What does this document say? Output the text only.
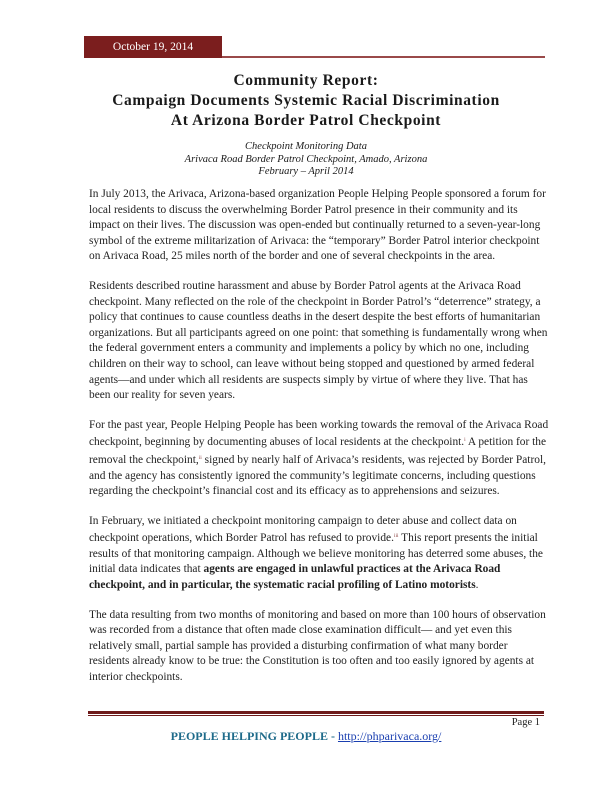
October 19, 2014
Community Report:
Campaign Documents Systemic Racial Discrimination
At Arizona Border Patrol Checkpoint
Checkpoint Monitoring Data
Arivaca Road Border Patrol Checkpoint, Amado, Arizona
February – April 2014

In July 2013, the Arivaca, Arizona-based organization People Helping People sponsored a forum for local residents to discuss the overwhelming Border Patrol presence in their community and its impact on their lives. The discussion was open-ended but continually returned to a seven-year-long symbol of the extreme militarization of Arivaca: the “temporary” Border Patrol interior checkpoint on Arivaca Road, 25 miles north of the border and one of several checkpoints in the area.

Residents described routine harassment and abuse by Border Patrol agents at the Arivaca Road checkpoint. Many reflected on the role of the checkpoint in Border Patrol’s “deterrence” strategy, a policy that continues to cause countless deaths in the desert despite the best efforts of humanitarian organizations. But all participants agreed on one point: that something is fundamentally wrong when the federal government enters a community and implements a policy by which no one, including children on their way to school, can leave without being stopped and questioned by armed federal agents—and under which all residents are suspects simply by virtue of where they live. That has been our reality for seven years.

For the past year, People Helping People has been working towards the removal of the Arivaca Road checkpoint, beginning by documenting abuses of local residents at the checkpoint.$^i$ A petition for the removal the checkpoint,$^{ii}$ signed by nearly half of Arivaca’s residents, was rejected by Border Patrol, and the agency has consistently ignored the community’s legitimate concerns, including questions regarding the checkpoint’s financial cost and its efficacy as to apprehensions and seizures.

In February, we initiated a checkpoint monitoring campaign to deter abuse and collect data on checkpoint operations, which Border Patrol has refused to provide.$^{iii}$ This report presents the initial results of that monitoring campaign. Although we believe monitoring has deterred some abuses, the initial data indicates that agents are engaged in unlawful practices at the Arivaca Road checkpoint, and in particular, the systematic racial profiling of Latino motorists.

The data resulting from two months of monitoring and based on more than 100 hours of observation was recorded from a distance that often made close examination difficult— and yet even this relatively small, partial sample has provided a disturbing confirmation of what many border residents already know to be true: the Constitution is too often and too easily ignored by agents at interior checkpoints.

Page 1
PEOPLE HELPING PEOPLE - http://phparivaca.org/
